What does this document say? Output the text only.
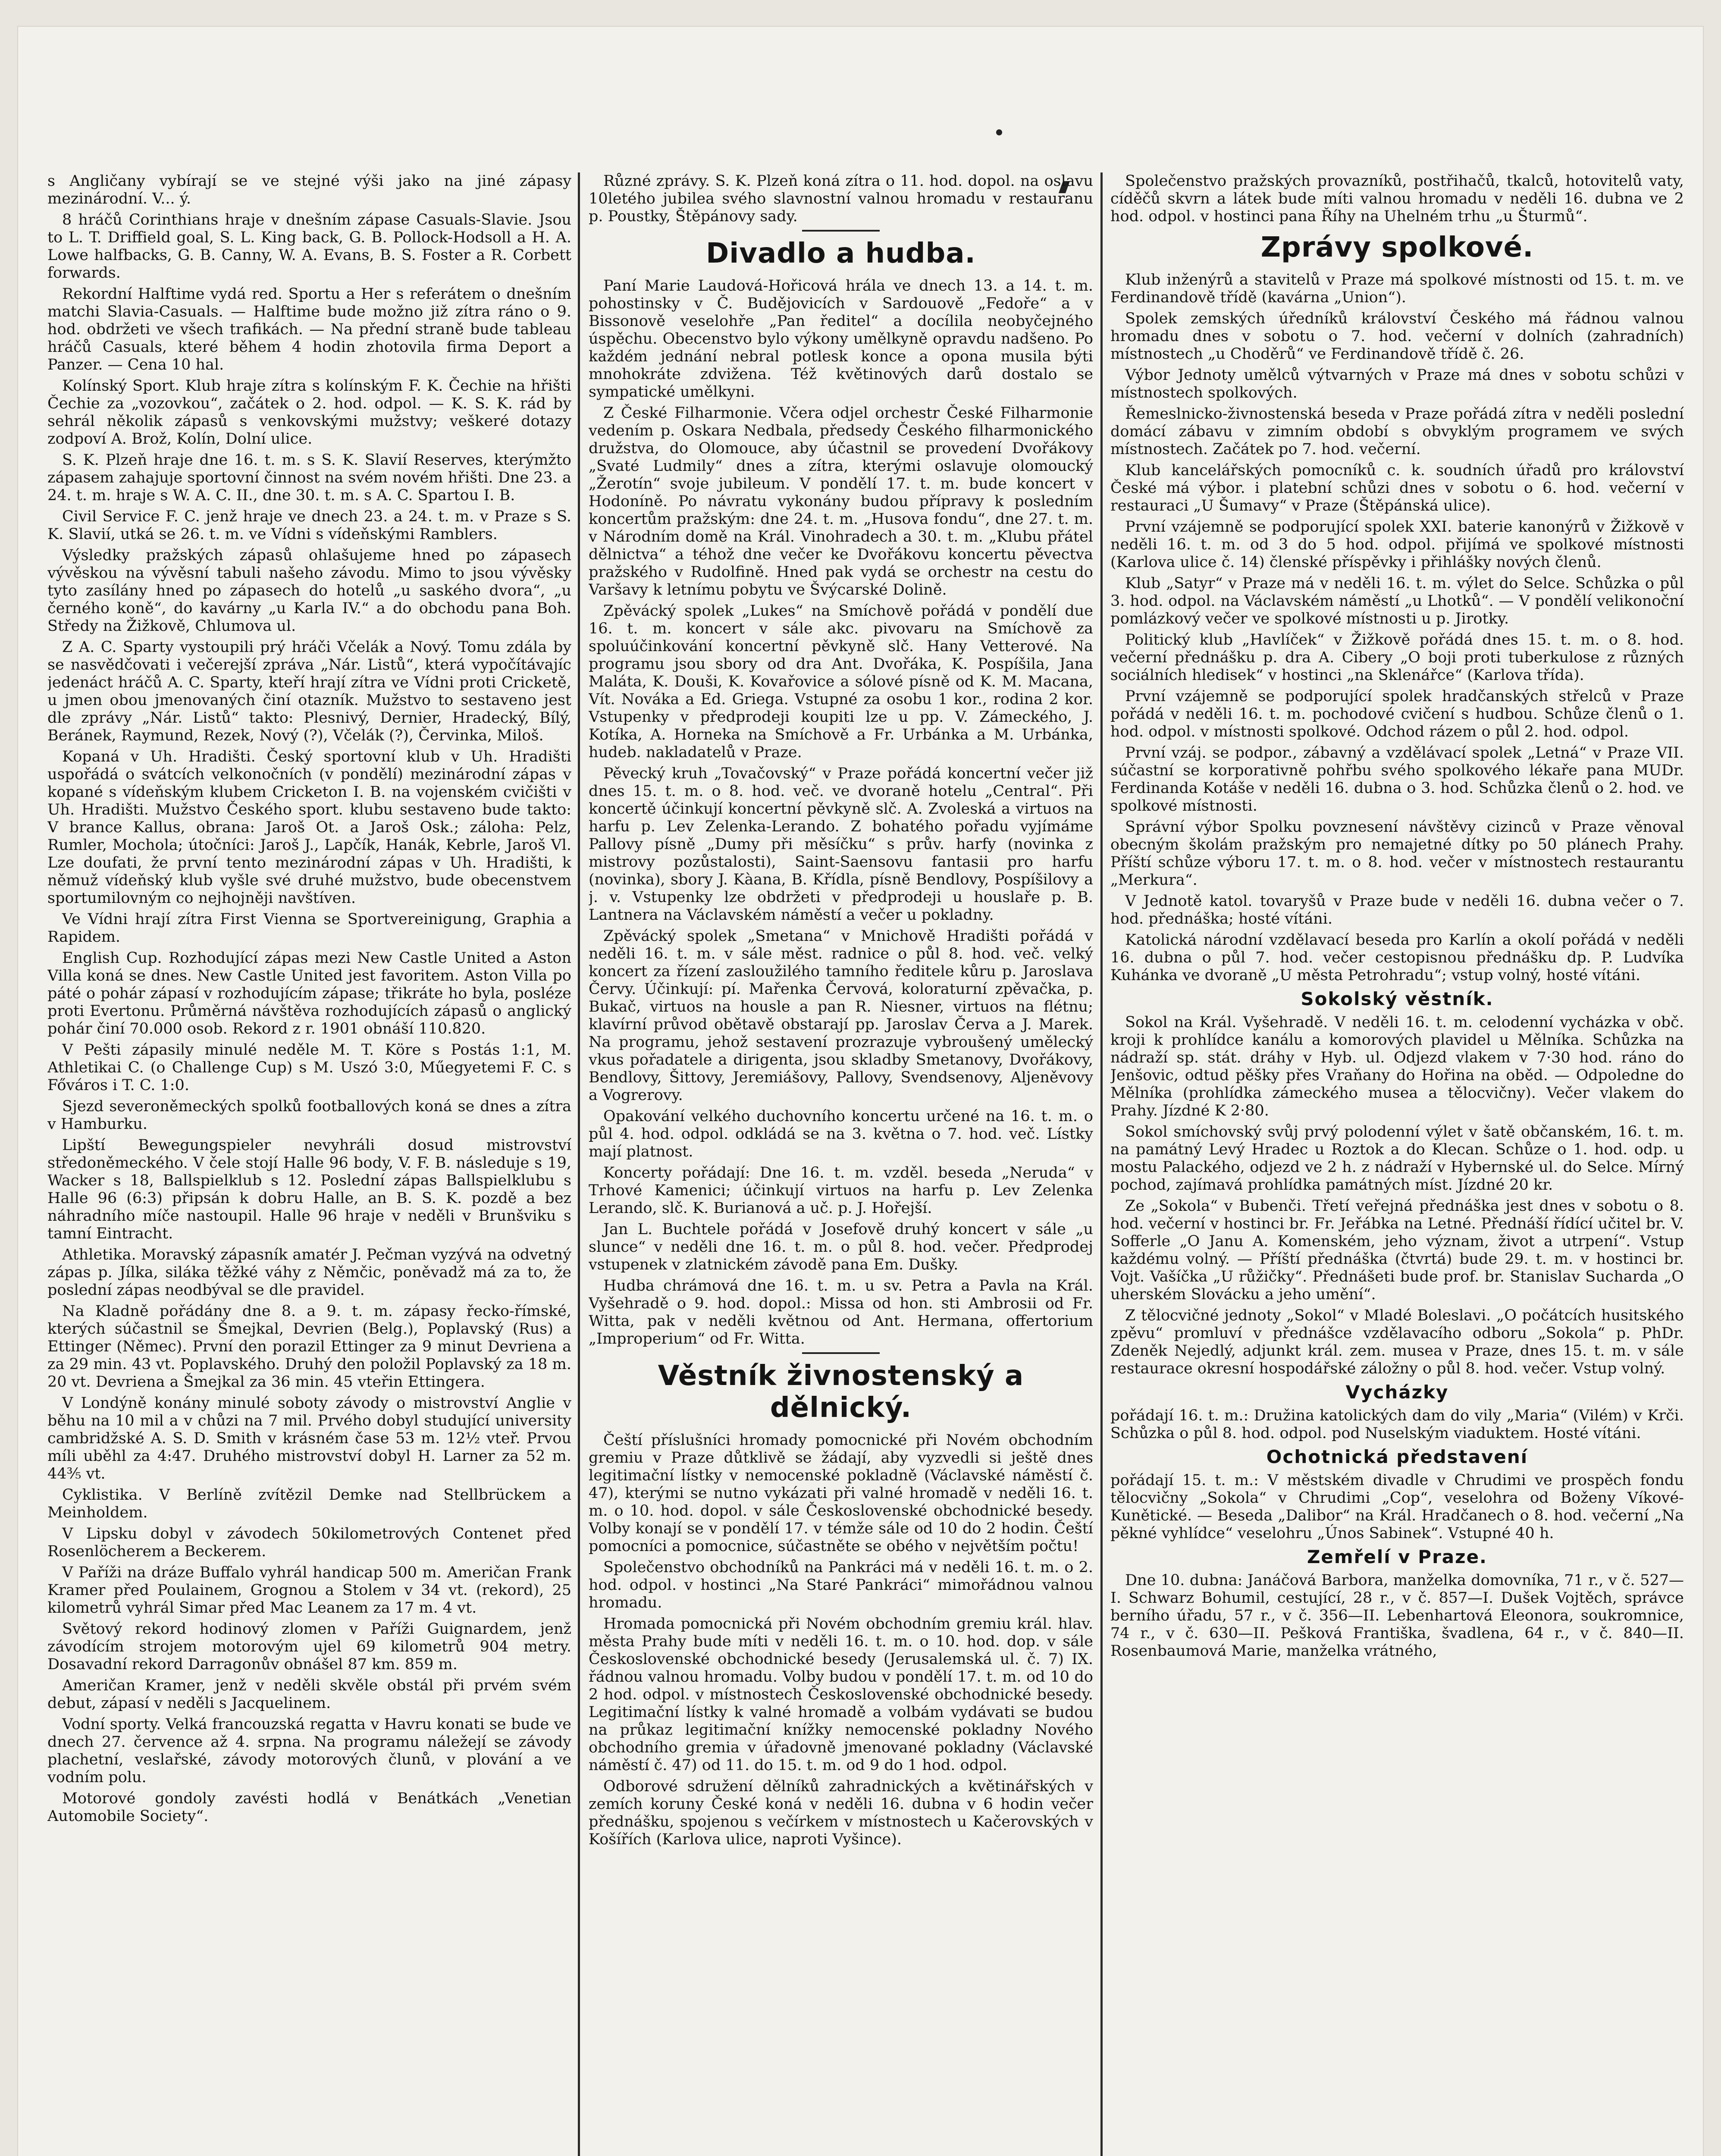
s Angličany vybírají se ve stejné výši jako na jiné zápasy mezinárodní. V... ý.

8 hráčů Corinthians hraje v dnešním zápase Casuals-Slavie. Jsou to L. T. Driffield goal, S. L. King back, G. B. Pollock-Hodsoll a H. A. Lowe halfbacks, G. B. Canny, W. A. Evans, B. S. Foster a R. Corbett forwards.

Rekordní Halftime vydá red. Sportu a Her s referátem o dnešním matchi Slavia-Casuals. — Halftime bude možno již zítra ráno o 9. hod. obdržeti ve všech trafikách. — Na přední straně bude tableau hráčů Casuals, které během 4 hodin zhotovila firma Deport a Panzer. — Cena 10 hal.

Kolínský Sport. Klub hraje zítra s kolínským F. K. Čechie na hřišti Čechie za „vozovkou“, začátek o 2. hod. odpol. — K. S. K. rád by sehrál několik zápasů s venkovskými mužstvy; veškeré dotazy zodpoví A. Brož, Kolín, Dolní ulice.

S. K. Plzeň hraje dne 16. t. m. s S. K. Slavií Reserves, kterýmžto zápasem zahajuje sportovní činnost na svém novém hřišti. Dne 23. a 24. t. m. hraje s W. A. C. II., dne 30. t. m. s A. C. Spartou I. B.

Civil Service F. C. jenž hraje ve dnech 23. a 24. t. m. v Praze s S. K. Slavií, utká se 26. t. m. ve Vídni s vídeňskými Ramblers.

Výsledky pražských zápasů ohlašujeme hned po zápasech vývěskou na vývěsní tabuli našeho závodu. Mimo to jsou vývěsky tyto zasílány hned po zápasech do hotelů „u saského dvora“, „u černého koně“, do kavárny „u Karla IV.“ a do obchodu pana Boh. Středy na Žižkově, Chlumova ul.

Z A. C. Sparty vystoupili prý hráči Včelák a Nový. Tomu zdála by se nasvědčovati i večerejší zpráva „Nár. Listů“, která vypočítávajíc jedenáct hráčů A. C. Sparty, kteří hrají zítra ve Vídni proti Cricketě, u jmen obou jmenovaných činí otazník. Mužstvo to sestaveno jest dle zprávy „Nár. Listů“ takto: Plesnivý, Dernier, Hradecký, Bílý, Beránek, Raymund, Rezek, Nový (?), Včelák (?), Červinka, Miloš.

Kopaná v Uh. Hradišti. Český sportovní klub v Uh. Hradišti uspořádá o svátcích velkonočních (v pondělí) mezinárodní zápas v kopané s vídeňským klubem Cricketon I. B. na vojenském cvičišti v Uh. Hradišti. Mužstvo Českého sport. klubu sestaveno bude takto: V brance Kallus, obrana: Jaroš Ot. a Jaroš Osk.; záloha: Pelz, Rumler, Mochola; útočníci: Jaroš J., Lapčík, Hanák, Kebrle, Jaroš Vl. Lze doufati, že první tento mezinárodní zápas v Uh. Hradišti, k němuž vídeňský klub vyšle své druhé mužstvo, bude obecenstvem sportumilovným co nejhojněji navštíven.

Ve Vídni hrají zítra First Vienna se Sportvereinigung, Graphia a Rapidem.

English Cup. Rozhodující zápas mezi New Castle United a Aston Villa koná se dnes. New Castle United jest favoritem. Aston Villa po páté o pohár zápasí v rozhodujícím zápase; třikráte ho byla, posléze proti Evertonu. Průměrná návštěva rozhodujících zápasů o anglický pohár činí 70.000 osob. Rekord z r. 1901 obnáší 110.820.

V Pešti zápasily minulé neděle M. T. Köre s Postás 1:1, M. Athletikai C. (o Challenge Cup) s M. Uszó 3:0, Műegyetemi F. C. s Főváros i T. C. 1:0.

Sjezd severoněmeckých spolků footballových koná se dnes a zítra v Hamburku.

Lipští Bewegungspieler nevyhráli dosud mistrovství středoněmeckého. V čele stojí Halle 96 body, V. F. B. následuje s 19, Wacker s 18, Ballspielklub s 12. Poslední zápas Ballspielklubu s Halle 96 (6:3) připsán k dobru Halle, an B. S. K. pozdě a bez náhradního míče nastoupil. Halle 96 hraje v neděli v Brunšviku s tamní Eintracht.

Athletika. Moravský zápasník amatér J. Pečman vyzývá na odvetný zápas p. Jílka, siláka těžké váhy z Němčic, poněvadž má za to, že poslední zápas neodbýval se dle pravidel.

Na Kladně pořádány dne 8. a 9. t. m. zápasy řecko-římské, kterých súčastnil se Šmejkal, Devrien (Belg.), Poplavský (Rus) a Ettinger (Němec). První den porazil Ettinger za 9 minut Devriena a za 29 min. 43 vt. Poplavského. Druhý den položil Poplavský za 18 m. 20 vt. Devriena a Šmejkal za 36 min. 45 vteřin Ettingera.

V Londýně konány minulé soboty závody o mistrovství Anglie v běhu na 10 mil a v chůzi na 7 mil. Prvého dobyl studující university cambridžské A. S. D. Smith v krásném čase 53 m. 12½ vteř. Prvou míli uběhl za 4:47. Druhého mistrovství dobyl H. Larner za 52 m. 44⅗ vt.

Cyklistika. V Berlíně zvítězil Demke nad Stellbrückem a Meinholdem.

V Lipsku dobyl v závodech 50kilometrových Contenet před Rosenlöcherem a Beckerem.

V Paříži na dráze Buffalo vyhrál handicap 500 m. Američan Frank Kramer před Poulainem, Grognou a Stolem v 34 vt. (rekord), 25 kilometrů vyhrál Simar před Mac Leanem za 17 m. 4 vt.

Světový rekord hodinový zlomen v Paříži Guignardem, jenž závodícím strojem motorovým ujel 69 kilometrů 904 metry. Dosavadní rekord Darragonův obnášel 87 km. 859 m.

Američan Kramer, jenž v neděli skvěle obstál při prvém svém debut, zápasí v neděli s Jacquelinem.

Vodní sporty. Velká francouzská regatta v Havru konati se bude ve dnech 27. července až 4. srpna. Na programu náležejí se závody plachetní, veslařské, závody motorových člunů, v plování a ve vodním polu.

Motorové gondoly zavésti hodlá v Benátkách „Venetian Automobile Society“.

Různé zprávy. S. K. Plzeň koná zítra o 11. hod. dopol. na oslavu 10letého jubilea svého slavnostní valnou hromadu v restauranu p. Poustky, Štěpánovy sady.

Divadlo a hudba.

Paní Marie Laudová-Hořicová hrála ve dnech 13. a 14. t. m. pohostinsky v Č. Budějovicích v Sardouově „Fedoře“ a v Bissonově veselohře „Pan ředitel“ a docílila neobyčejného úspěchu. Obecenstvo bylo výkony umělkyně opravdu nadšeno. Po každém jednání nebral potlesk konce a opona musila býti mnohokráte zdvižena. Též květinových darů dostalo se sympatické umělkyni.

Z České Filharmonie. Včera odjel orchestr České Filharmonie vedením p. Oskara Nedbala, předsedy Českého filharmonického družstva, do Olomouce, aby účastnil se provedení Dvořákovy „Svaté Ludmily“ dnes a zítra, kterými oslavuje olomoucký „Žerotín“ svoje jubileum. V pondělí 17. t. m. bude koncert v Hodoníně. Po návratu vykonány budou přípravy k posledním koncertům pražským: dne 24. t. m. „Husova fondu“, dne 27. t. m. v Národním domě na Král. Vinohradech a 30. t. m. „Klubu přátel dělnictva“ a téhož dne večer ke Dvořákovu koncertu pěvectva pražského v Rudolfině. Hned pak vydá se orchestr na cestu do Varšavy k letnímu pobytu ve Švýcarské Dolině.

Zpěvácký spolek „Lukes“ na Smíchově pořádá v pondělí due 16. t. m. koncert v sále akc. pivovaru na Smíchově za spoluúčinkování koncertní pěvkyně slč. Hany Vetterové. Na programu jsou sbory od dra Ant. Dvořáka, K. Pospíšila, Jana Maláta, K. Douši, K. Kovařovice a sólové písně od K. M. Macana, Vít. Nováka a Ed. Griega. Vstupné za osobu 1 kor., rodina 2 kor. Vstupenky v předprodeji koupiti lze u pp. V. Zámeckého, J. Kotíka, A. Horneka na Smíchově a Fr. Urbánka a M. Urbánka, hudeb. nakladatelů v Praze.

Pěvecký kruh „Tovačovský“ v Praze pořádá koncertní večer již dnes 15. t. m. o 8. hod. več. ve dvoraně hotelu „Central“. Při koncertě účinkují koncertní pěvkyně slč. A. Zvoleská a virtuos na harfu p. Lev Zelenka-Lerando. Z bohatého pořadu vyjímáme Pallovy písně „Dumy při měsíčku“ s prův. harfy (novinka z mistrovy pozůstalosti), Saint-Saensovu fantasii pro harfu (novinka), sbory J. Kàana, B. Křídla, písně Bendlovy, Pospíšilovy a j. v. Vstupenky lze obdržeti v předprodeji u houslaře p. B. Lantnera na Václavském náměstí a večer u pokladny.

Zpěvácký spolek „Smetana“ v Mnichově Hradišti pořádá v neděli 16. t. m. v sále měst. radnice o půl 8. hod. več. velký koncert za řízení zasloužilého tamního ředitele kůru p. Jaroslava Červy. Účinkují: pí. Mařenka Červová, koloraturní zpěvačka, p. Bukač, virtuos na housle a pan R. Niesner, virtuos na flétnu; klavírní průvod obětavě obstarají pp. Jaroslav Červa a J. Marek. Na programu, jehož sestavení prozrazuje vybroušený umělecký vkus pořadatele a dirigenta, jsou skladby Smetanovy, Dvořákovy, Bendlovy, Šittovy, Jeremiášovy, Pallovy, Svendsenovy, Aljeněvovy a Vogrerovy.

Opakování velkého duchovního koncertu určené na 16. t. m. o půl 4. hod. odpol. odkládá se na 3. května o 7. hod. več. Lístky mají platnost.

Koncerty pořádají: Dne 16. t. m. vzděl. beseda „Neruda“ v Trhové Kamenici; účinkují virtuos na harfu p. Lev Zelenka Lerando, slč. K. Burianová a uč. p. J. Hořejší.

Jan L. Buchtele pořádá v Josefově druhý koncert v sále „u slunce“ v neděli dne 16. t. m. o půl 8. hod. večer. Předprodej vstupenek v zlatnickém závodě pana Em. Dušky.

Hudba chrámová dne 16. t. m. u sv. Petra a Pavla na Král. Vyšehradě o 9. hod. dopol.: Missa od hon. sti Ambrosii od Fr. Witta, pak v neděli květnou od Ant. Hermana, offertorium „Improperium“ od Fr. Witta.

Věstník živnostenský a dělnický.

Čeští příslušníci hromady pomocnické při Novém obchodním gremiu v Praze důtklivě se žádají, aby vyzvedli si ještě dnes legitimační lístky v nemocenské pokladně (Václavské náměstí č. 47), kterými se nutno vykázati při valné hromadě v neděli 16. t. m. o 10. hod. dopol. v sále Československé obchodnické besedy. Volby konají se v pondělí 17. v témže sále od 10 do 2 hodin. Čeští pomocníci a pomocnice, súčastněte se obého v největším počtu!

Společenstvo obchodníků na Pankráci má v neděli 16. t. m. o 2. hod. odpol. v hostinci „Na Staré Pankráci“ mimořádnou valnou hromadu.

Hromada pomocnická při Novém obchodním gremiu král. hlav. města Prahy bude míti v neděli 16. t. m. o 10. hod. dop. v sále Československé obchodnické besedy (Jerusalemská ul. č. 7) IX. řádnou valnou hromadu. Volby budou v pondělí 17. t. m. od 10 do 2 hod. odpol. v místnostech Československé obchodnické besedy. Legitimační lístky k valné hromadě a volbám vydávati se budou na průkaz legitimační knížky nemocenské pokladny Nového obchodního gremia v úřadovně jmenované pokladny (Václavské náměstí č. 47) od 11. do 15. t. m. od 9 do 1 hod. odpol.

Odborové sdružení dělníků zahradnických a květinářských v zemích koruny České koná v neděli 16. dubna v 6 hodin večer přednášku, spojenou s večírkem v místnostech u Kačerovských v Košířích (Karlova ulice, naproti Vyšince).

Společenstvo pražských provazníků, postřihačů, tkalců, hotovitelů vaty, cíděčů skvrn a látek bude míti valnou hromadu v neděli 16. dubna ve 2 hod. odpol. v hostinci pana Říhy na Uhelném trhu „u Šturmů“.

Zprávy spolkové.

Klub inženýrů a stavitelů v Praze má spolkové místnosti od 15. t. m. ve Ferdinandově třídě (kavárna „Union“).

Spolek zemských úředníků království Českého má řádnou valnou hromadu dnes v sobotu o 7. hod. večerní v dolních (zahradních) místnostech „u Choděrů“ ve Ferdinandově třídě č. 26.

Výbor Jednoty umělců výtvarných v Praze má dnes v sobotu schůzi v místnostech spolkových.

Řemeslnicko-živnostenská beseda v Praze pořádá zítra v neděli poslední domácí zábavu v zimním období s obvyklým programem ve svých místnostech. Začátek po 7. hod. večerní.

Klub kancelářských pomocníků c. k. soudních úřadů pro království České má výbor. i platební schůzi dnes v sobotu o 6. hod. večerní v restauraci „U Šumavy“ v Praze (Štěpánská ulice).

První vzájemně se podporující spolek XXI. baterie kanonýrů v Žižkově v neděli 16. t. m. od 3 do 5 hod. odpol. přijímá ve spolkové místnosti (Karlova ulice č. 14) členské příspěvky i přihlášky nových členů.

Klub „Satyr“ v Praze má v neděli 16. t. m. výlet do Selce. Schůzka o půl 3. hod. odpol. na Václavském náměstí „u Lhotků“. — V pondělí velikonoční pomlázkový večer ve spolkové místnosti u p. Jirotky.

Politický klub „Havlíček“ v Žižkově pořádá dnes 15. t. m. o 8. hod. večerní přednášku p. dra A. Cibery „O boji proti tuberkulose z různých sociálních hledisek“ v hostinci „na Sklenářce“ (Karlova třída).

První vzájemně se podporující spolek hradčanských střelců v Praze pořádá v neděli 16. t. m. pochodové cvičení s hudbou. Schůze členů o 1. hod. odpol. v místnosti spolkové. Odchod rázem o půl 2. hod. odpol.

První vzáj. se podpor., zábavný a vzdělávací spolek „Letná“ v Praze VII. súčastní se korporativně pohřbu svého spolkového lékaře pana MUDr. Ferdinanda Kotáše v neděli 16. dubna o 3. hod. Schůzka členů o 2. hod. ve spolkové místnosti.

Správní výbor Spolku povznesení návštěvy cizinců v Praze věnoval obecným školám pražským pro nemajetné dítky po 50 plánech Prahy. Příští schůze výboru 17. t. m. o 8. hod. večer v místnostech restaurantu „Merkura“.

V Jednotě katol. tovaryšů v Praze bude v neděli 16. dubna večer o 7. hod. přednáška; hosté vítáni.

Katolická národní vzdělavací beseda pro Karlín a okolí pořádá v neděli 16. dubna o půl 7. hod. večer cestopisnou přednášku dp. P. Ludvíka Kuhánka ve dvoraně „U města Petrohradu“; vstup volný, hosté vítáni.

Sokolský věstník.

Sokol na Král. Vyšehradě. V neděli 16. t. m. celodenní vycházka v obč. kroji k prohlídce kanálu a komorových plavidel u Mělníka. Schůzka na nádraží sp. stát. dráhy v Hyb. ul. Odjezd vlakem v 7·30 hod. ráno do Jenšovic, odtud pěšky přes Vraňany do Hořina na oběd. — Odpoledne do Mělníka (prohlídka zámeckého musea a tělocvičny). Večer vlakem do Prahy. Jízdné K 2·80.

Sokol smíchovský svůj prvý polodenní výlet v šatě občanském, 16. t. m. na památný Levý Hradec u Roztok a do Klecan. Schůze o 1. hod. odp. u mostu Palackého, odjezd ve 2 h. z nádraží v Hybernské ul. do Selce. Mírný pochod, zajímavá prohlídka památných míst. Jízdné 20 kr.

Ze „Sokola“ v Bubenči. Třetí veřejná přednáška jest dnes v sobotu o 8. hod. večerní v hostinci br. Fr. Jeřábka na Letné. Přednáší řídící učitel br. V. Sofferle „O Janu A. Komenském, jeho význam, život a utrpení“. Vstup každému volný. — Příští přednáška (čtvrtá) bude 29. t. m. v hostinci br. Vojt. Vašíčka „U růžičky“. Přednášeti bude prof. br. Stanislav Sucharda „O uherském Slovácku a jeho umění“.

Z tělocvičné jednoty „Sokol“ v Mladé Boleslavi. „O počátcích husitského zpěvu“ promluví v přednášce vzdělavacího odboru „Sokola“ p. PhDr. Zdeněk Nejedlý, adjunkt král. zem. musea v Praze, dnes 15. t. m. v sále restaurace okresní hospodářské záložny o půl 8. hod. večer. Vstup volný.

Vycházky

pořádají 16. t. m.: Družina katolických dam do vily „Maria“ (Vilém) v Krči. Schůzka o půl 8. hod. odpol. pod Nuselským viaduktem. Hosté vítáni.

Ochotnická představení

pořádají 15. t. m.: V městském divadle v Chrudimi ve prospěch fondu tělocvičny „Sokola“ v Chrudimi „Cop“, veselohra od Boženy Víkové-Kunětické. — Beseda „Dalibor“ na Král. Hradčanech o 8. hod. večerní „Na pěkné vyhlídce“ veselohru „Únos Sabinek“. Vstupné 40 h.

Zemřelí v Praze.

Dne 10. dubna: Janáčová Barbora, manželka domovníka, 71 r., v č. 527—I. Schwarz Bohumil, cestující, 28 r., v č. 857—I. Dušek Vojtěch, správce berního úřadu, 57 r., v č. 356—II. Lebenhartová Eleonora, soukromnice, 74 r., v č. 630—II. Pešková Františka, švadlena, 64 r., v č. 840—II. Rosenbaumová Marie, manželka vrátného,
